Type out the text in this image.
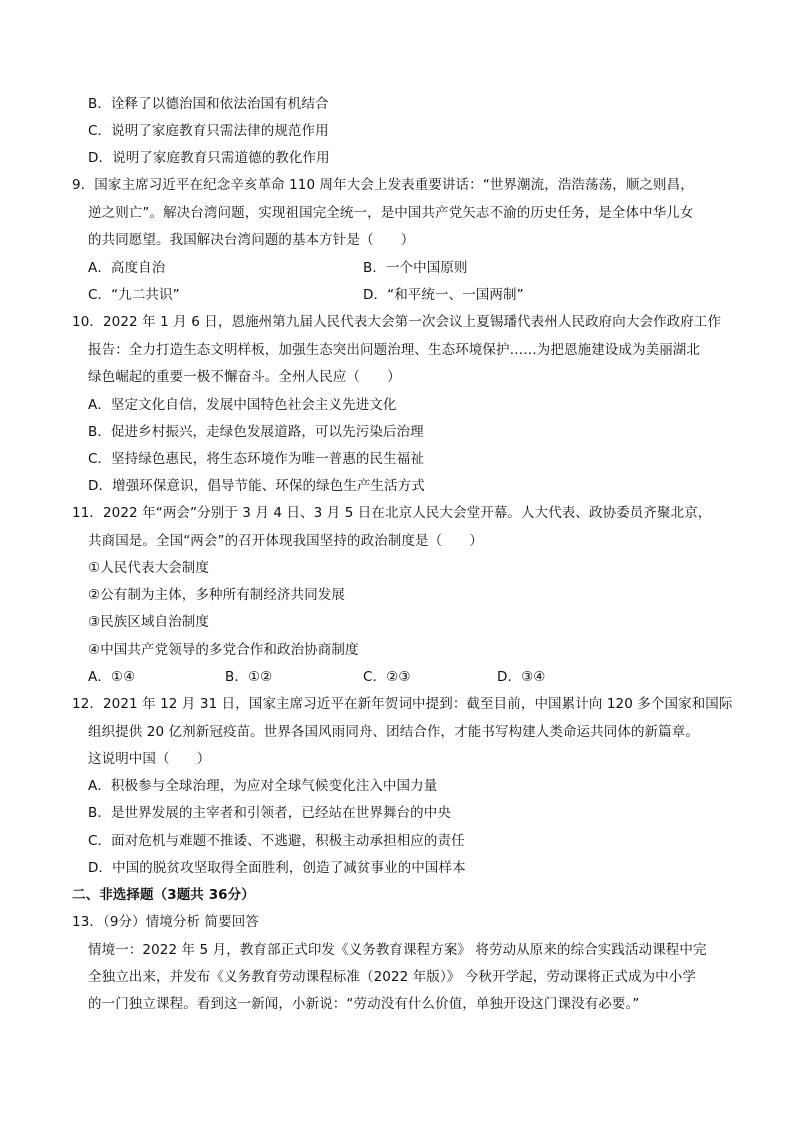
B．诠释了以德治国和依法治国有机结合
C．说明了家庭教育只需法律的规范作用
D．说明了家庭教育只需道德的教化作用
9．国家主席习近平在纪念辛亥革命 110 周年大会上发表重要讲话：“世界潮流，浩浩荡荡，顺之则昌，
逆之则亡”。解决台湾问题，实现祖国完全统一，是中国共产党矢志不渝的历史任务，是全体中华儿女
的共同愿望。我国解决台湾问题的基本方针是（　　）
A．高度自治	B．一个中国原则
C．“九二共识”	D．“和平统一、一国两制”
10．2022 年 1 月 6 日，恩施州第九届人民代表大会第一次会议上夏锡璠代表州人民政府向大会作政府工作
报告：全力打造生态文明样板，加强生态突出问题治理、生态环境保护……为把恩施建设成为美丽湖北
绿色崛起的重要一极不懈奋斗。全州人民应（　　）
A．坚定文化自信，发展中国特色社会主义先进文化
B．促进乡村振兴，走绿色发展道路，可以先污染后治理
C．坚持绿色惠民，将生态环境作为唯一普惠的民生福祉
D．增强环保意识，倡导节能、环保的绿色生产生活方式
11．2022 年“两会”分别于 3 月 4 日、3 月 5 日在北京人民大会堂开幕。人大代表、政协委员齐聚北京，
共商国是。全国“两会”的召开体现我国坚持的政治制度是（　　）
①人民代表大会制度
②公有制为主体，多种所有制经济共同发展
③民族区域自治制度
④中国共产党领导的多党合作和政治协商制度
A．①④	B．①②	C．②③	D．③④
12．2021 年 12 月 31 日，国家主席习近平在新年贺词中提到：截至目前，中国累计向 120 多个国家和国际
组织提供 20 亿剂新冠疫苗。世界各国风雨同舟、团结合作，才能书写构建人类命运共同体的新篇章。
这说明中国（　　）
A．积极参与全球治理，为应对全球气候变化注入中国力量
B．是世界发展的主宰者和引领者，已经站在世界舞台的中央
C．面对危机与难题不推诿、不逃避，积极主动承担相应的责任
D．中国的脱贫攻坚取得全面胜利，创造了减贫事业的中国样本
二、非选择题（3题共 36分）
13．（9分）情境分析 简要回答
情境一：2022 年 5 月，教育部正式印发《义务教育课程方案》 将劳动从原来的综合实践活动课程中完
全独立出来，并发布《义务教育劳动课程标准（2022 年版）》 今秋开学起，劳动课将正式成为中小学
的一门独立课程。看到这一新闻，小新说：“劳动没有什么价值，单独开设这门课没有必要。”
